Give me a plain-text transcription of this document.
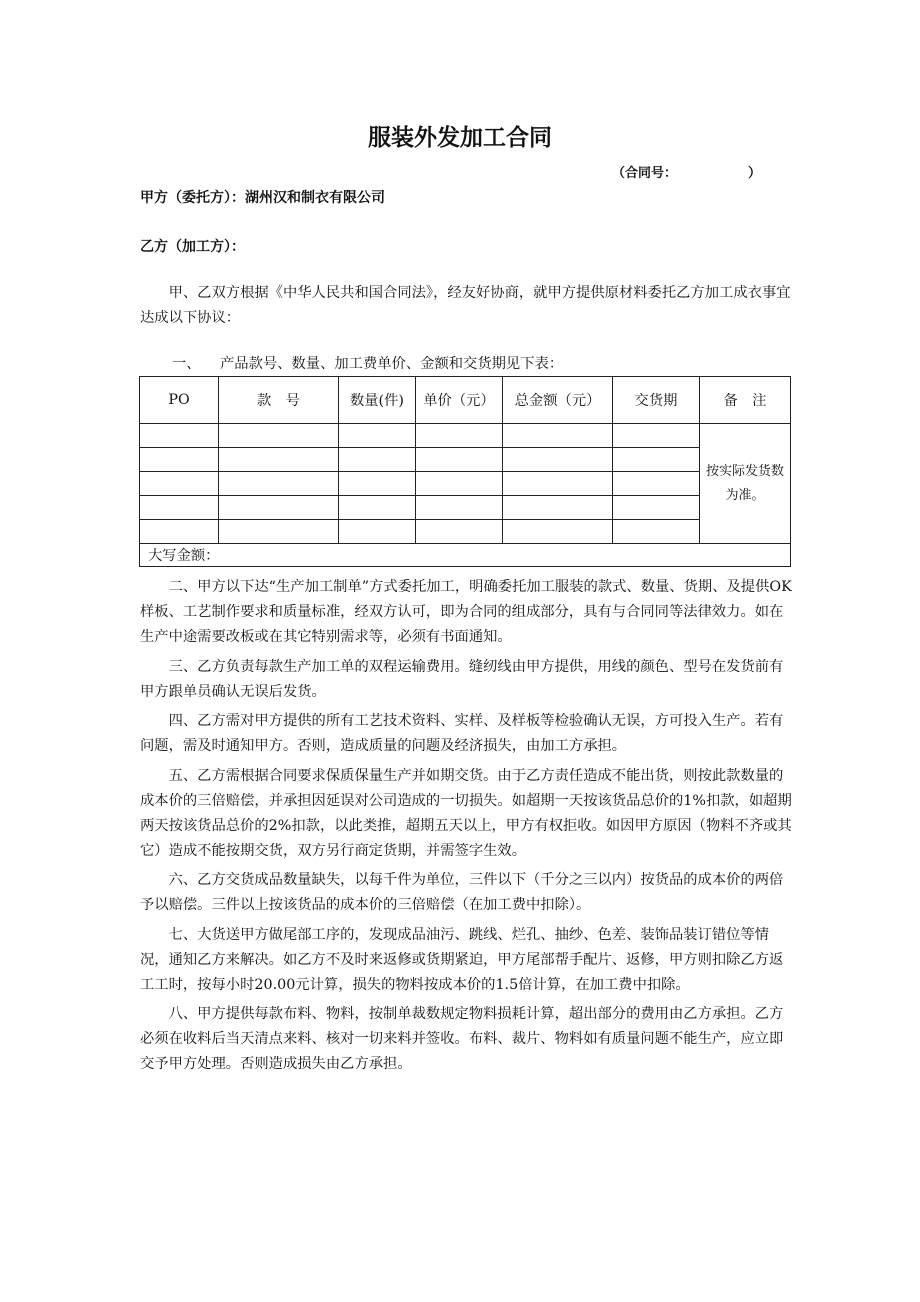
服装外发加工合同
（合同号：	）
甲方（委托方）：湖州汉和制衣有限公司
乙方（加工方）：

甲、乙双方根据《中华人民共和国合同法》，经友好协商，就甲方提供原材料委托乙方加工成衣事宜达成以下协议：

一、 产品款号、数量、加工费单价、金额和交货期见下表：
PO	款　号	数量(件)	单价（元）	总金额（元）	交货期	备　注
						按实际发货数为准。

大写金额：						

二、甲方以下达“生产加工制单”方式委托加工，明确委托加工服装的款式、数量、货期、及提供OK样板、工艺制作要求和质量标准，经双方认可，即为合同的组成部分，具有与合同同等法律效力。如在生产中途需要改板或在其它特别需求等，必须有书面通知。

三、乙方负责每款生产加工单的双程运输费用。缝纫线由甲方提供，用线的颜色、型号在发货前有甲方跟单员确认无误后发货。

四、乙方需对甲方提供的所有工艺技术资料、实样、及样板等检验确认无误，方可投入生产。若有问题，需及时通知甲方。否则，造成质量的问题及经济损失，由加工方承担。

五、乙方需根据合同要求保质保量生产并如期交货。由于乙方责任造成不能出货，则按此款数量的成本价的三倍赔偿，并承担因延误对公司造成的一切损失。如超期一天按该货品总价的1%扣款，如超期两天按该货品总价的2%扣款，以此类推，超期五天以上，甲方有权拒收。如因甲方原因（物料不齐或其它）造成不能按期交货，双方另行商定货期，并需签字生效。

六、乙方交货成品数量缺失，以每千件为单位，三件以下（千分之三以内）按货品的成本价的两倍予以赔偿。三件以上按该货品的成本价的三倍赔偿（在加工费中扣除）。

七、大货送甲方做尾部工序的，发现成品油污、跳线、烂孔、抽纱、色差、装饰品装订错位等情况，通知乙方来解决。如乙方不及时来返修或货期紧迫，甲方尾部帮手配片、返修，甲方则扣除乙方返工工时，按每小时20.00元计算，损失的物料按成本价的1.5倍计算，在加工费中扣除。

八、甲方提供每款布料、物料，按制单裁数规定物料损耗计算，超出部分的费用由乙方承担。乙方必须在收料后当天清点来料、核对一切来料并签收。布料、裁片、物料如有质量问题不能生产，应立即交予甲方处理。否则造成损失由乙方承担。
